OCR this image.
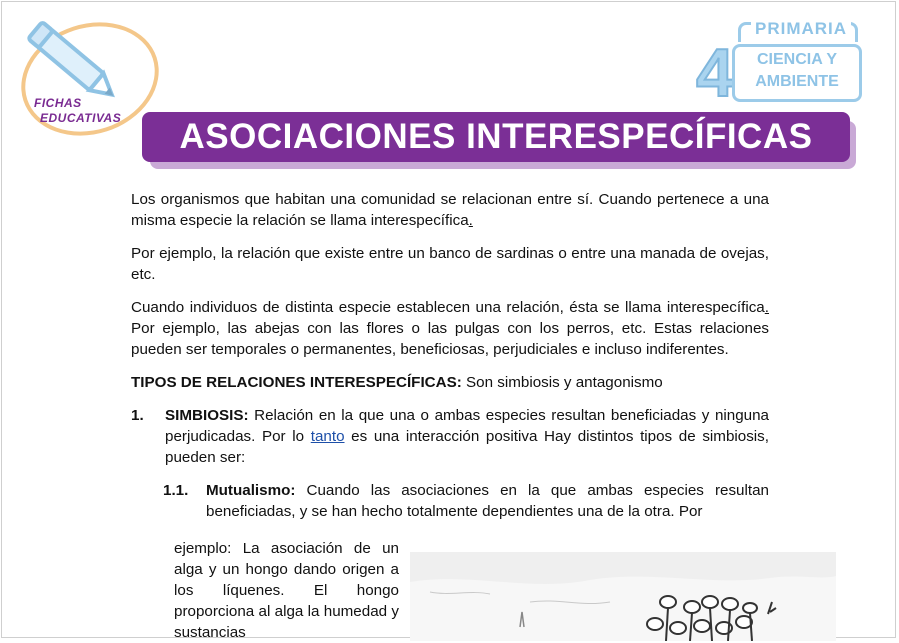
FICHAS
EDUCATIVAS
4
PRIMARIA
CIENCIA Y
AMBIENTE
ASOCIACIONES INTERESPECÍFICAS

Los organismos que habitan una comunidad se relacionan entre sí. Cuando pertenece a una misma especie la relación se llama interespecífica.

Por ejemplo, la relación que existe entre un banco de sardinas o entre una manada de ovejas, etc.

Cuando individuos de distinta especie establecen una relación, ésta se llama interespecífica. Por ejemplo, las abejas con las flores o las pulgas con los perros, etc. Estas relaciones pueden ser temporales o permanentes, beneficiosas, perjudiciales e incluso indiferentes.

TIPOS DE RELACIONES INTERESPECÍFICAS: Son simbiosis y antagonismo

1. SIMBIOSIS: Relación en la que una o ambas especies resultan beneficiadas y ninguna perjudicadas. Por lo tanto es una interacción positiva Hay distintos tipos de simbiosis, pueden ser:
1.1. Mutualismo: Cuando las asociaciones en la que ambas especies resultan beneficiadas, y se han hecho totalmente dependientes una de la otra. Por
ejemplo: La asociación de un alga y un hongo dando origen a los líquenes. El hongo proporciona al alga la humedad y sustancias
